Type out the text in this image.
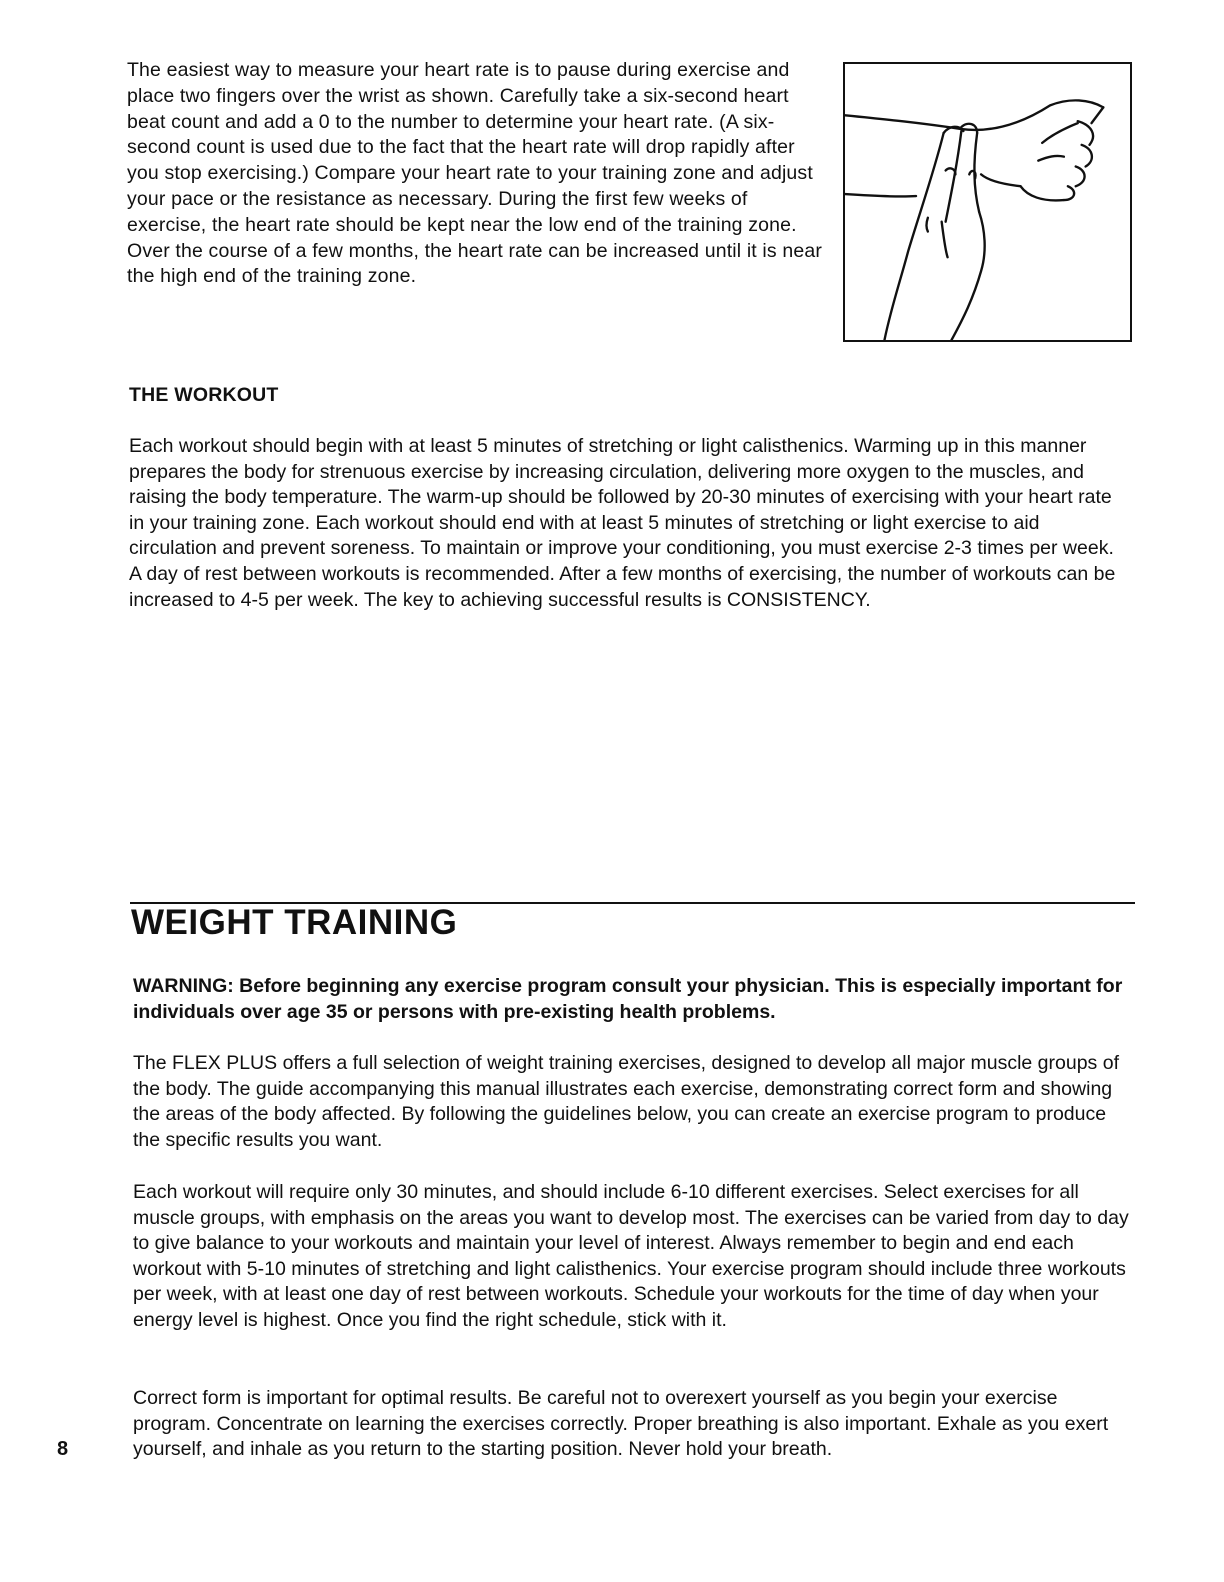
The easiest way to measure your heart rate is to pause during exercise and place two fingers over the wrist as shown. Carefully take a six-second heart beat count and add a 0 to the number to determine your heart rate. (A six-second count is used due to the fact that the heart rate will drop rapidly after you stop exercising.) Compare your heart rate to your training zone and adjust your pace or the resistance as necessary. During the first few weeks of exercise, the heart rate should be kept near the low end of the training zone. Over the course of a few months, the heart rate can be increased until it is near the high end of the training zone.

THE WORKOUT

Each workout should begin with at least 5 minutes of stretching or light calisthenics. Warming up in this manner prepares the body for strenuous exercise by increasing circulation, delivering more oxygen to the muscles, and raising the body temperature. The warm-up should be followed by 20-30 minutes of exercising with your heart rate in your training zone. Each workout should end with at least 5 minutes of stretching or light exercise to aid circulation and prevent soreness. To maintain or improve your conditioning, you must exercise 2-3 times per week. A day of rest between workouts is recommended. After a few months of exercising, the number of workouts can be increased to 4-5 per week. The key to achieving successful results is CONSISTENCY.

WEIGHT TRAINING

WARNING: Before beginning any exercise program consult your physician. This is especially important for individuals over age 35 or persons with pre-existing health problems.

The FLEX PLUS offers a full selection of weight training exercises, designed to develop all major muscle groups of the body. The guide accompanying this manual illustrates each exercise, demonstrating correct form and showing the areas of the body affected. By following the guidelines below, you can create an exercise program to produce the specific results you want.

Each workout will require only 30 minutes, and should include 6-10 different exercises. Select exercises for all muscle groups, with emphasis on the areas you want to develop most. The exercises can be varied from day to day to give balance to your workouts and maintain your level of interest. Always remember to begin and end each workout with 5-10 minutes of stretching and light calisthenics. Your exercise program should include three workouts per week, with at least one day of rest between workouts. Schedule your workouts for the time of day when your energy level is highest. Once you find the right schedule, stick with it.

Correct form is important for optimal results. Be careful not to overexert yourself as you begin your exercise program. Concentrate on learning the exercises correctly. Proper breathing is also important. Exhale as you exert yourself, and inhale as you return to the starting position. Never hold your breath.

8
